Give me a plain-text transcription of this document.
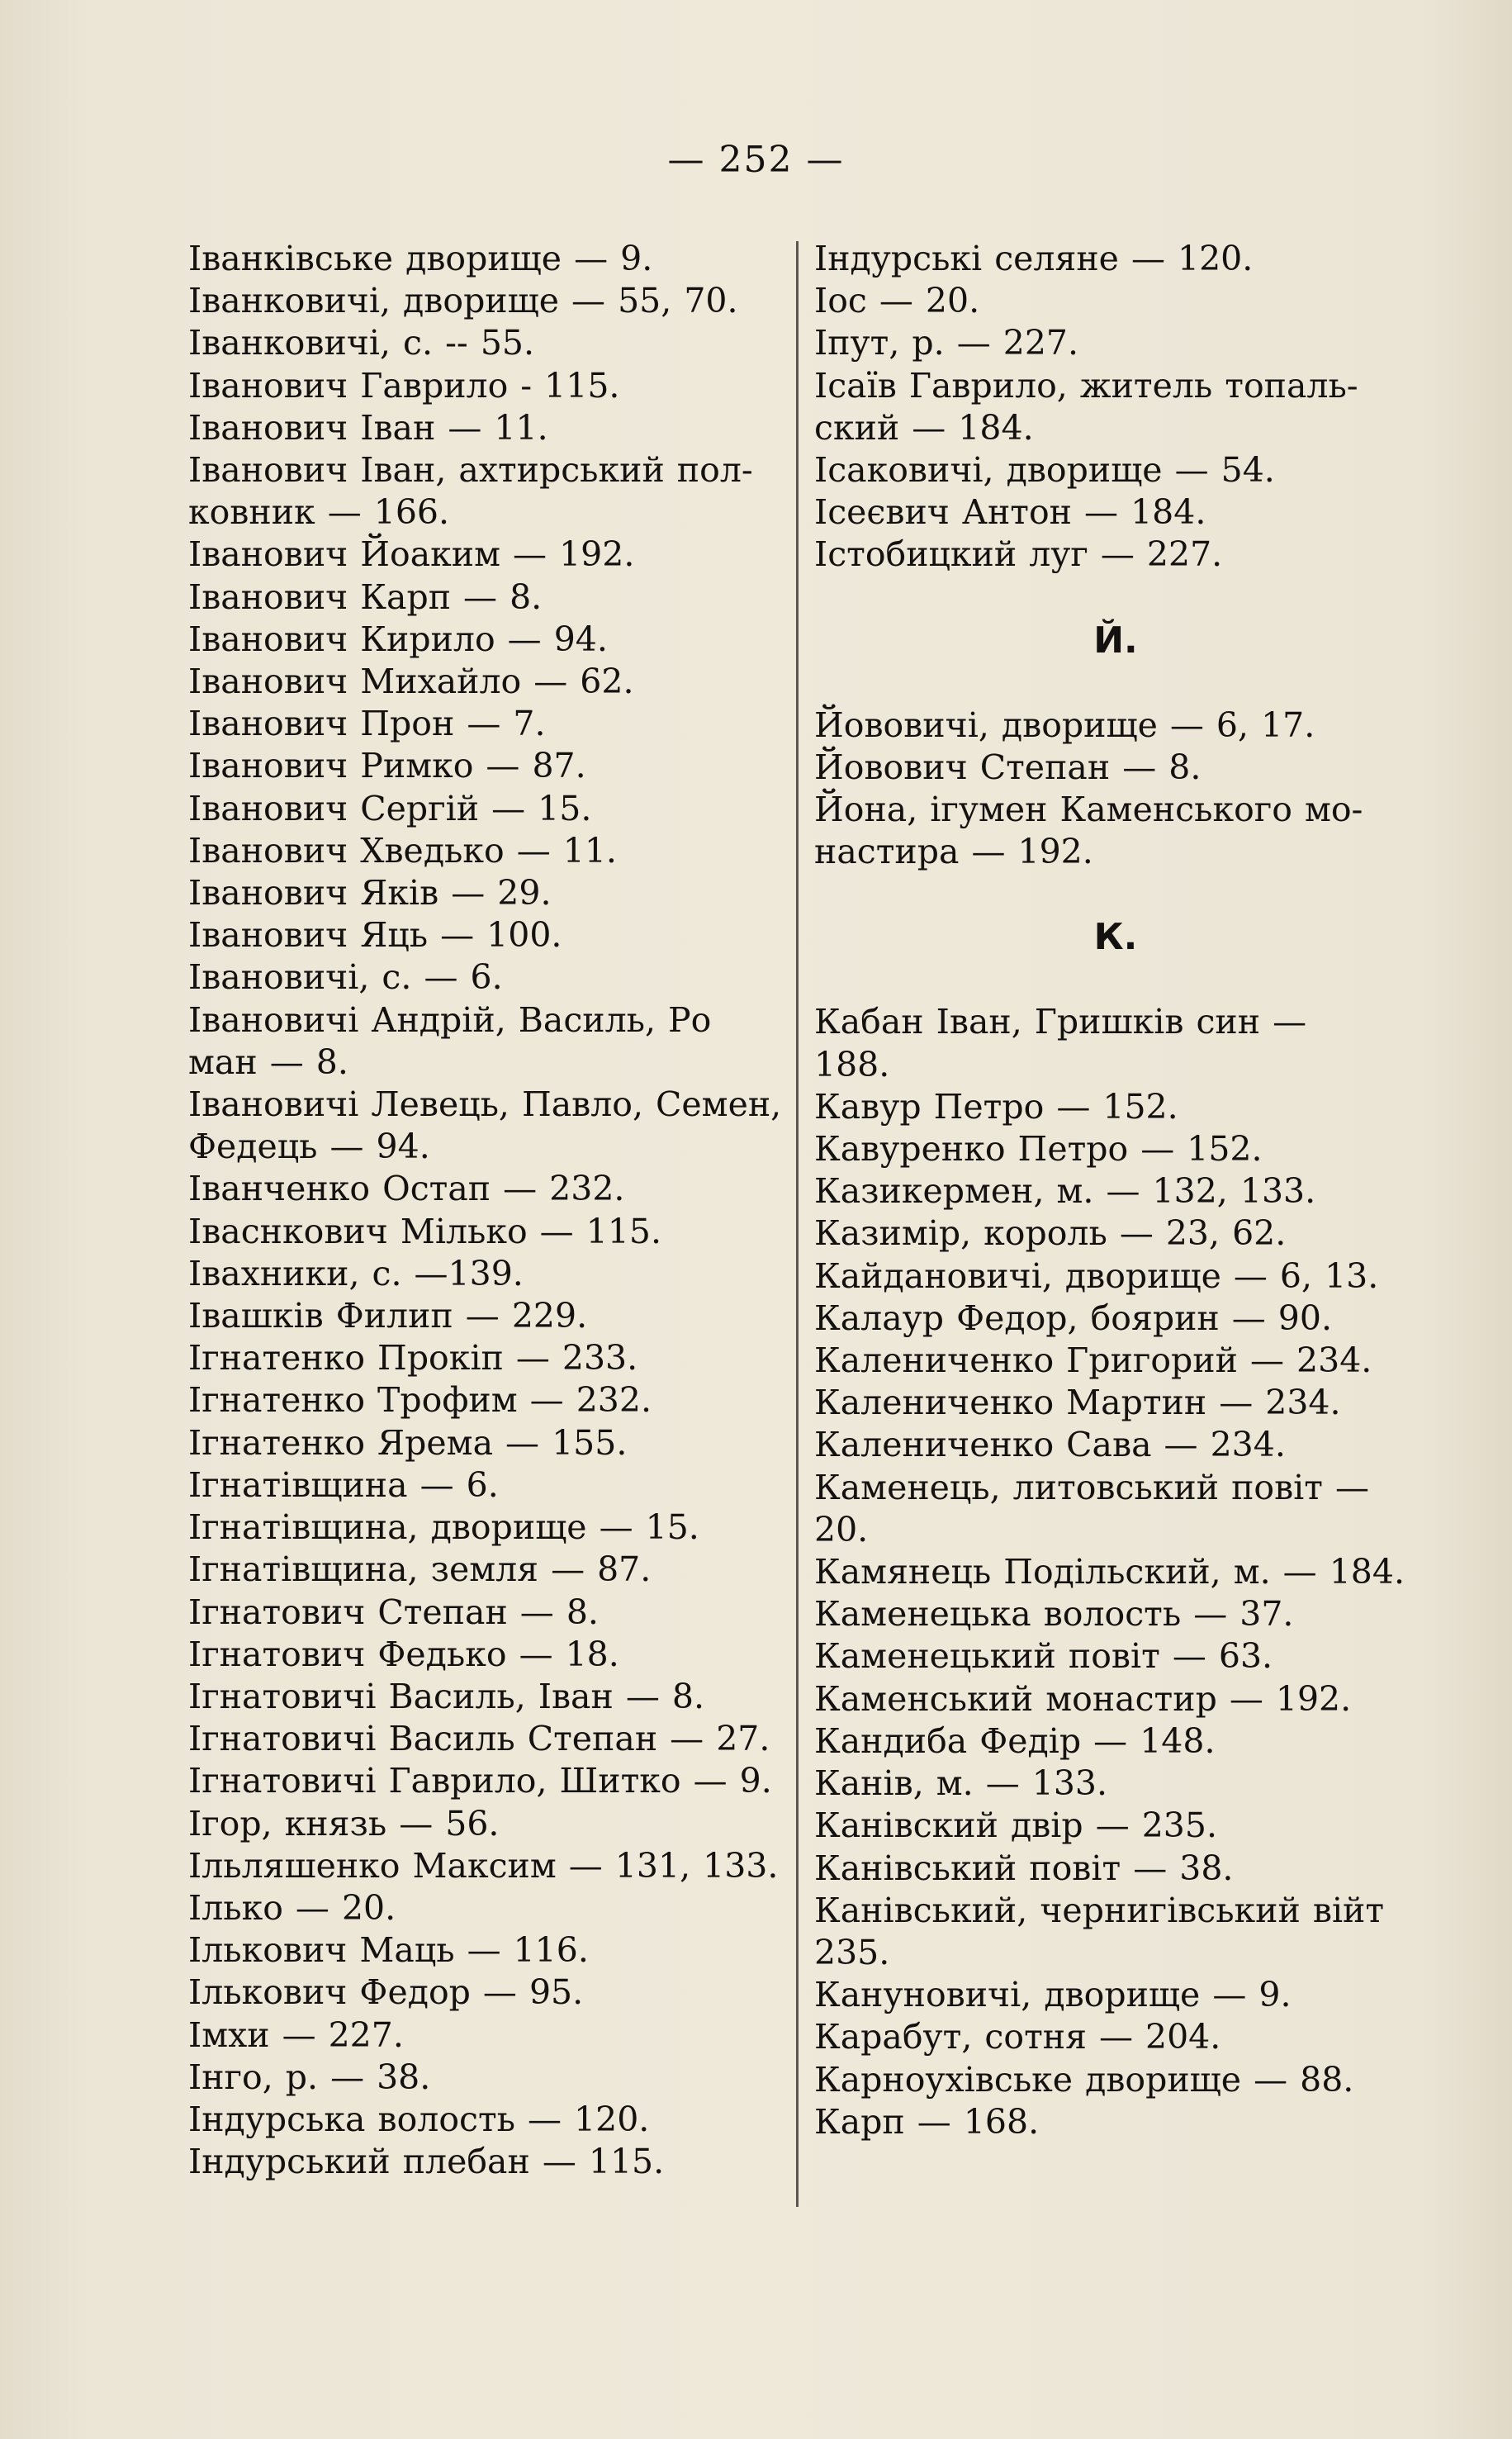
— 252 —
Іванківське дворище — 9.
Іванковичі, дворище — 55, 70.
Іванковичі, с. -- 55.
Іванович Гаврило - 115.
Іванович Іван — 11.
Іванович Іван, ахтирський пол-
ковник — 166.
Іванович Йоаким — 192.
Іванович Карп — 8.
Іванович Кирило — 94.
Іванович Михайло — 62.
Іванович Прон — 7.
Іванович Римко — 87.
Іванович Сергій — 15.
Іванович Хведько — 11.
Іванович Яків — 29.
Іванович Яць — 100.
Івановичі, с. — 6.
Івановичі Андрій, Василь, Ро
ман — 8.
Івановичі Левець, Павло, Семен,
Федець — 94.
Іванченко Остап — 232.
Іваснкович Мілько — 115.
Івахники, с. —139.
Івашків Филип — 229.
Ігнатенко Прокіп — 233.
Ігнатенко Трофим — 232.
Ігнатенко Ярема — 155.
Ігнатівщина — 6.
Ігнатівщина, дворище — 15.
Ігнатівщина, земля — 87.
Ігнатович Степан — 8.
Ігнатович Федько — 18.
Ігнатовичі Василь, Іван — 8.
Ігнатовичі Василь Степан — 27.
Ігнатовичі Гаврило, Шитко — 9.
Ігор, князь — 56.
Ільляшенко Максим — 131, 133.
Ілько — 20.
Ількович Маць — 116.
Ількович Федор — 95.
Імхи — 227.
Інго, р. — 38.
Індурська волость — 120.
Індурський плебан — 115.
Індурські селяне — 120.
Іос — 20.
Іпут, р. — 227.
Ісаїв Гаврило, житель топаль-
ский — 184.
Ісаковичі, дворище — 54.
Ісеєвич Антон — 184.
Істобицкий луг — 227.
Й.
Йововичі, дворище — 6, 17.
Йовович Степан — 8.
Йона, ігумен Каменського мо-
настира — 192.
К.
Кабан Іван, Гришків син —
188.
Кавур Петро — 152.
Кавуренко Петро — 152.
Казикермен, м. — 132, 133.
Казимір, король — 23, 62.
Кайдановичі, дворище — 6, 13.
Калаур Федор, боярин — 90.
Калениченко Григорий — 234.
Калениченко Мартин — 234.
Калениченко Сава — 234.
Каменець, литовський повіт —
20.
Камянець Подільский, м. — 184.
Каменецька волость — 37.
Каменецький повіт — 63.
Каменський монастир — 192.
Кандиба Федір — 148.
Канів, м. — 133.
Канівский двір — 235.
Канівський повіт — 38.
Канівський, чернигівський війт
235.
Кануновичі, дворище — 9.
Карабут, сотня — 204.
Карноухівське дворище — 88.
Карп — 168.
